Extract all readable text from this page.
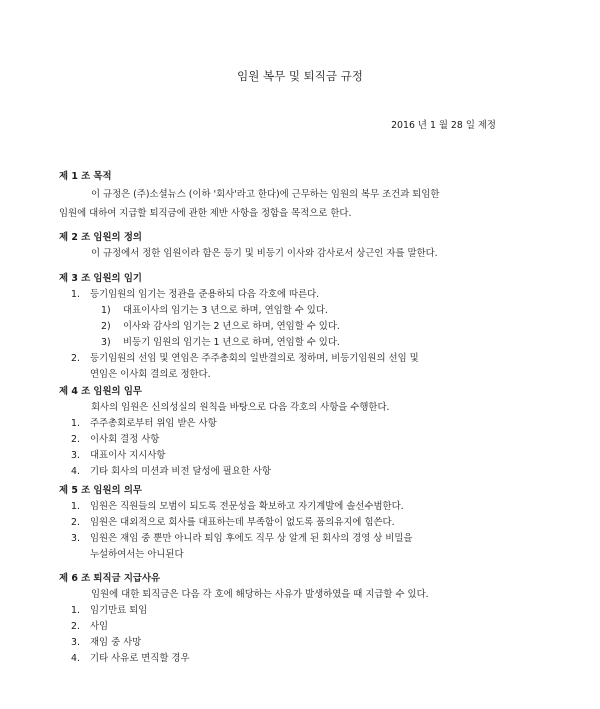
임원 복무 및 퇴직금 규정
2016 년 1 월 28 일 제정
제 1 조 목적
이 규정은 (주)소셜뉴스 (이하 '회사'라고 한다)에 근무하는 임원의 복무 조건과 퇴임한
임원에 대하여 지급할 퇴직금에 관한 제반 사항을 정함을 목적으로 한다.
제 2 조 임원의 정의
이 규정에서 정한 임원이라 함은 등기 및 비등기 이사와 감사로서 상근인 자를 말한다.
제 3 조 임원의 임기
1. 등기임원의 임기는 정관을 준용하되 다음 각호에 따른다.
1) 대표이사의 임기는 3 년으로 하며, 연임할 수 있다.
2) 이사와 감사의 임기는 2 년으로 하며, 연임할 수 있다.
3) 비등기 임원의 임기는 1 년으로 하며, 연임할 수 있다.
2. 등기임원의 선임 및 연임은 주주총회의 일반결의로 정하며, 비등기임원의 선임 및
연임은 이사회 결의로 정한다.
제 4 조 임원의 임무
회사의 임원은 신의성실의 원칙을 바탕으로 다음 각호의 사항을 수행한다.
1. 주주총회로부터 위임 받은 사항
2. 이사회 결정 사항
3. 대표이사 지시사항
4. 기타 회사의 미션과 비전 달성에 필요한 사항
제 5 조 임원의 의무
1. 임원은 직원들의 모범이 되도록 전문성을 확보하고 자기계발에 솔선수범한다.
2. 임원은 대외적으로 회사를 대표하는데 부족함이 없도록 품의유지에 힘쓴다.
3. 임원은 재임 중 뿐만 아니라 퇴임 후에도 직무 상 알게 된 회사의 경영 상 비밀을
누설하여서는 아니된다
제 6 조 퇴직금 지급사유
임원에 대한 퇴직금은 다음 각 호에 해당하는 사유가 발생하였을 때 지급할 수 있다.
1. 임기만료 퇴임
2. 사임
3. 재임 중 사망
4. 기타 사유로 면직할 경우
